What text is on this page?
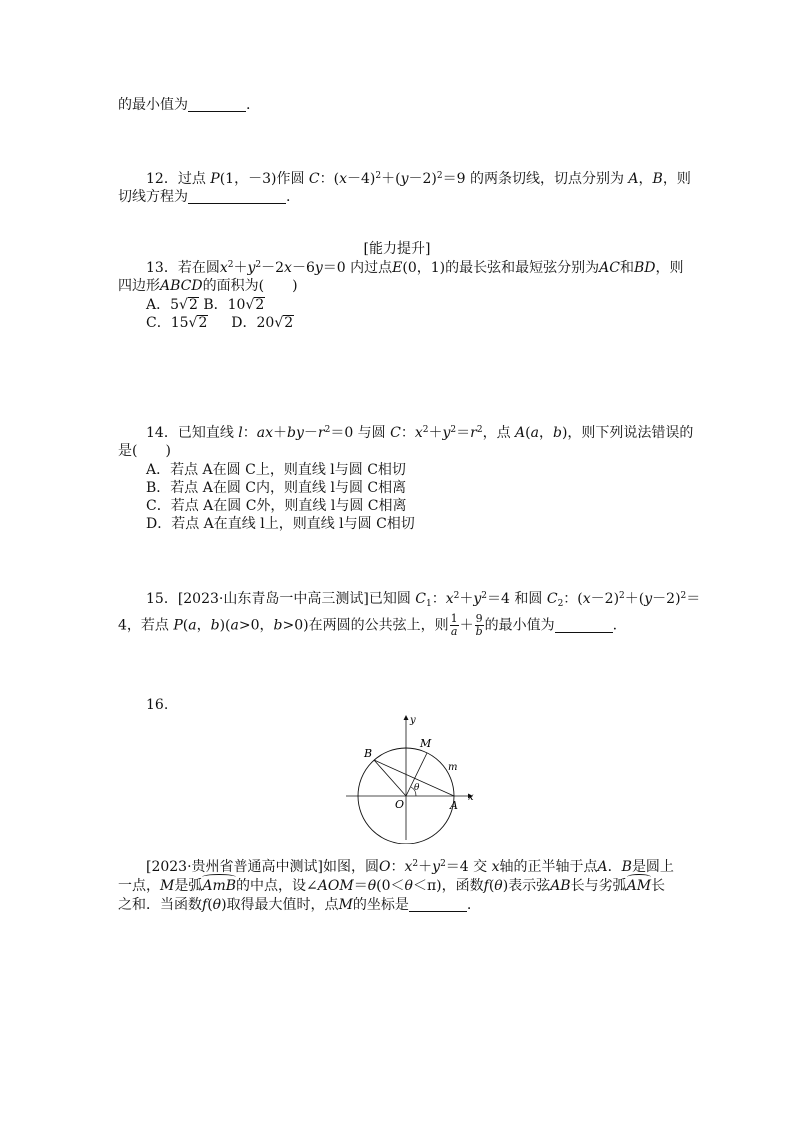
的最小值为	.
12．过点 P(1，－3)作圆 C：$(x-4)^2+(y-2)^2=9$ 的两条切线，切点分别为 A，B，则
切线方程为	.
[能力提升]
13．若在圆$x^2+y^2-2x-6y=0$ 内过点E(0，1)的最长弦和最短弦分别为AC和BD，则
四边形ABCD的面积为(　　)
A．5√2 B．10√2
C．15√2 D．20√2
14．已知直线 l：$ax+by-r^2=0$ 与圆 C：$x^2+y^2=r^2$，点 A(a，b)，则下列说法错误的
是(　　)
A．若点 A在圆 C上，则直线 l与圆 C相切
B．若点 A在圆 C内，则直线 l与圆 C相离
C．若点 A在圆 C外，则直线 l与圆 C相离
D．若点 A在直线 l上，则直线 l与圆 C相切
15．[2023·山东青岛一中高三测试]已知圆 $C_1$：$x^2+y^2=4$ 和圆 $C_2$：$(x-2)^2+(y-2)^2=$
4，若点 P(a，b)(a>0，b>0)在两圆的公共弦上，则 $\frac{1}{a} + \frac{9}{b}$ 的最小值为	.
16.
y
x
B
M
m
O	A
θ
[2023·贵州省普通高中测试]如图，圆O：$x^2+y^2=4$ 交 x轴的正半轴于点A．B是圆上
一点，M是弧AmB的中点，设∠AOM＝θ(0＜θ＜π)，函数f(θ)表示弦AB长与劣弧AM长
之和．当函数f(θ)取得最大值时，点M的坐标是	.
